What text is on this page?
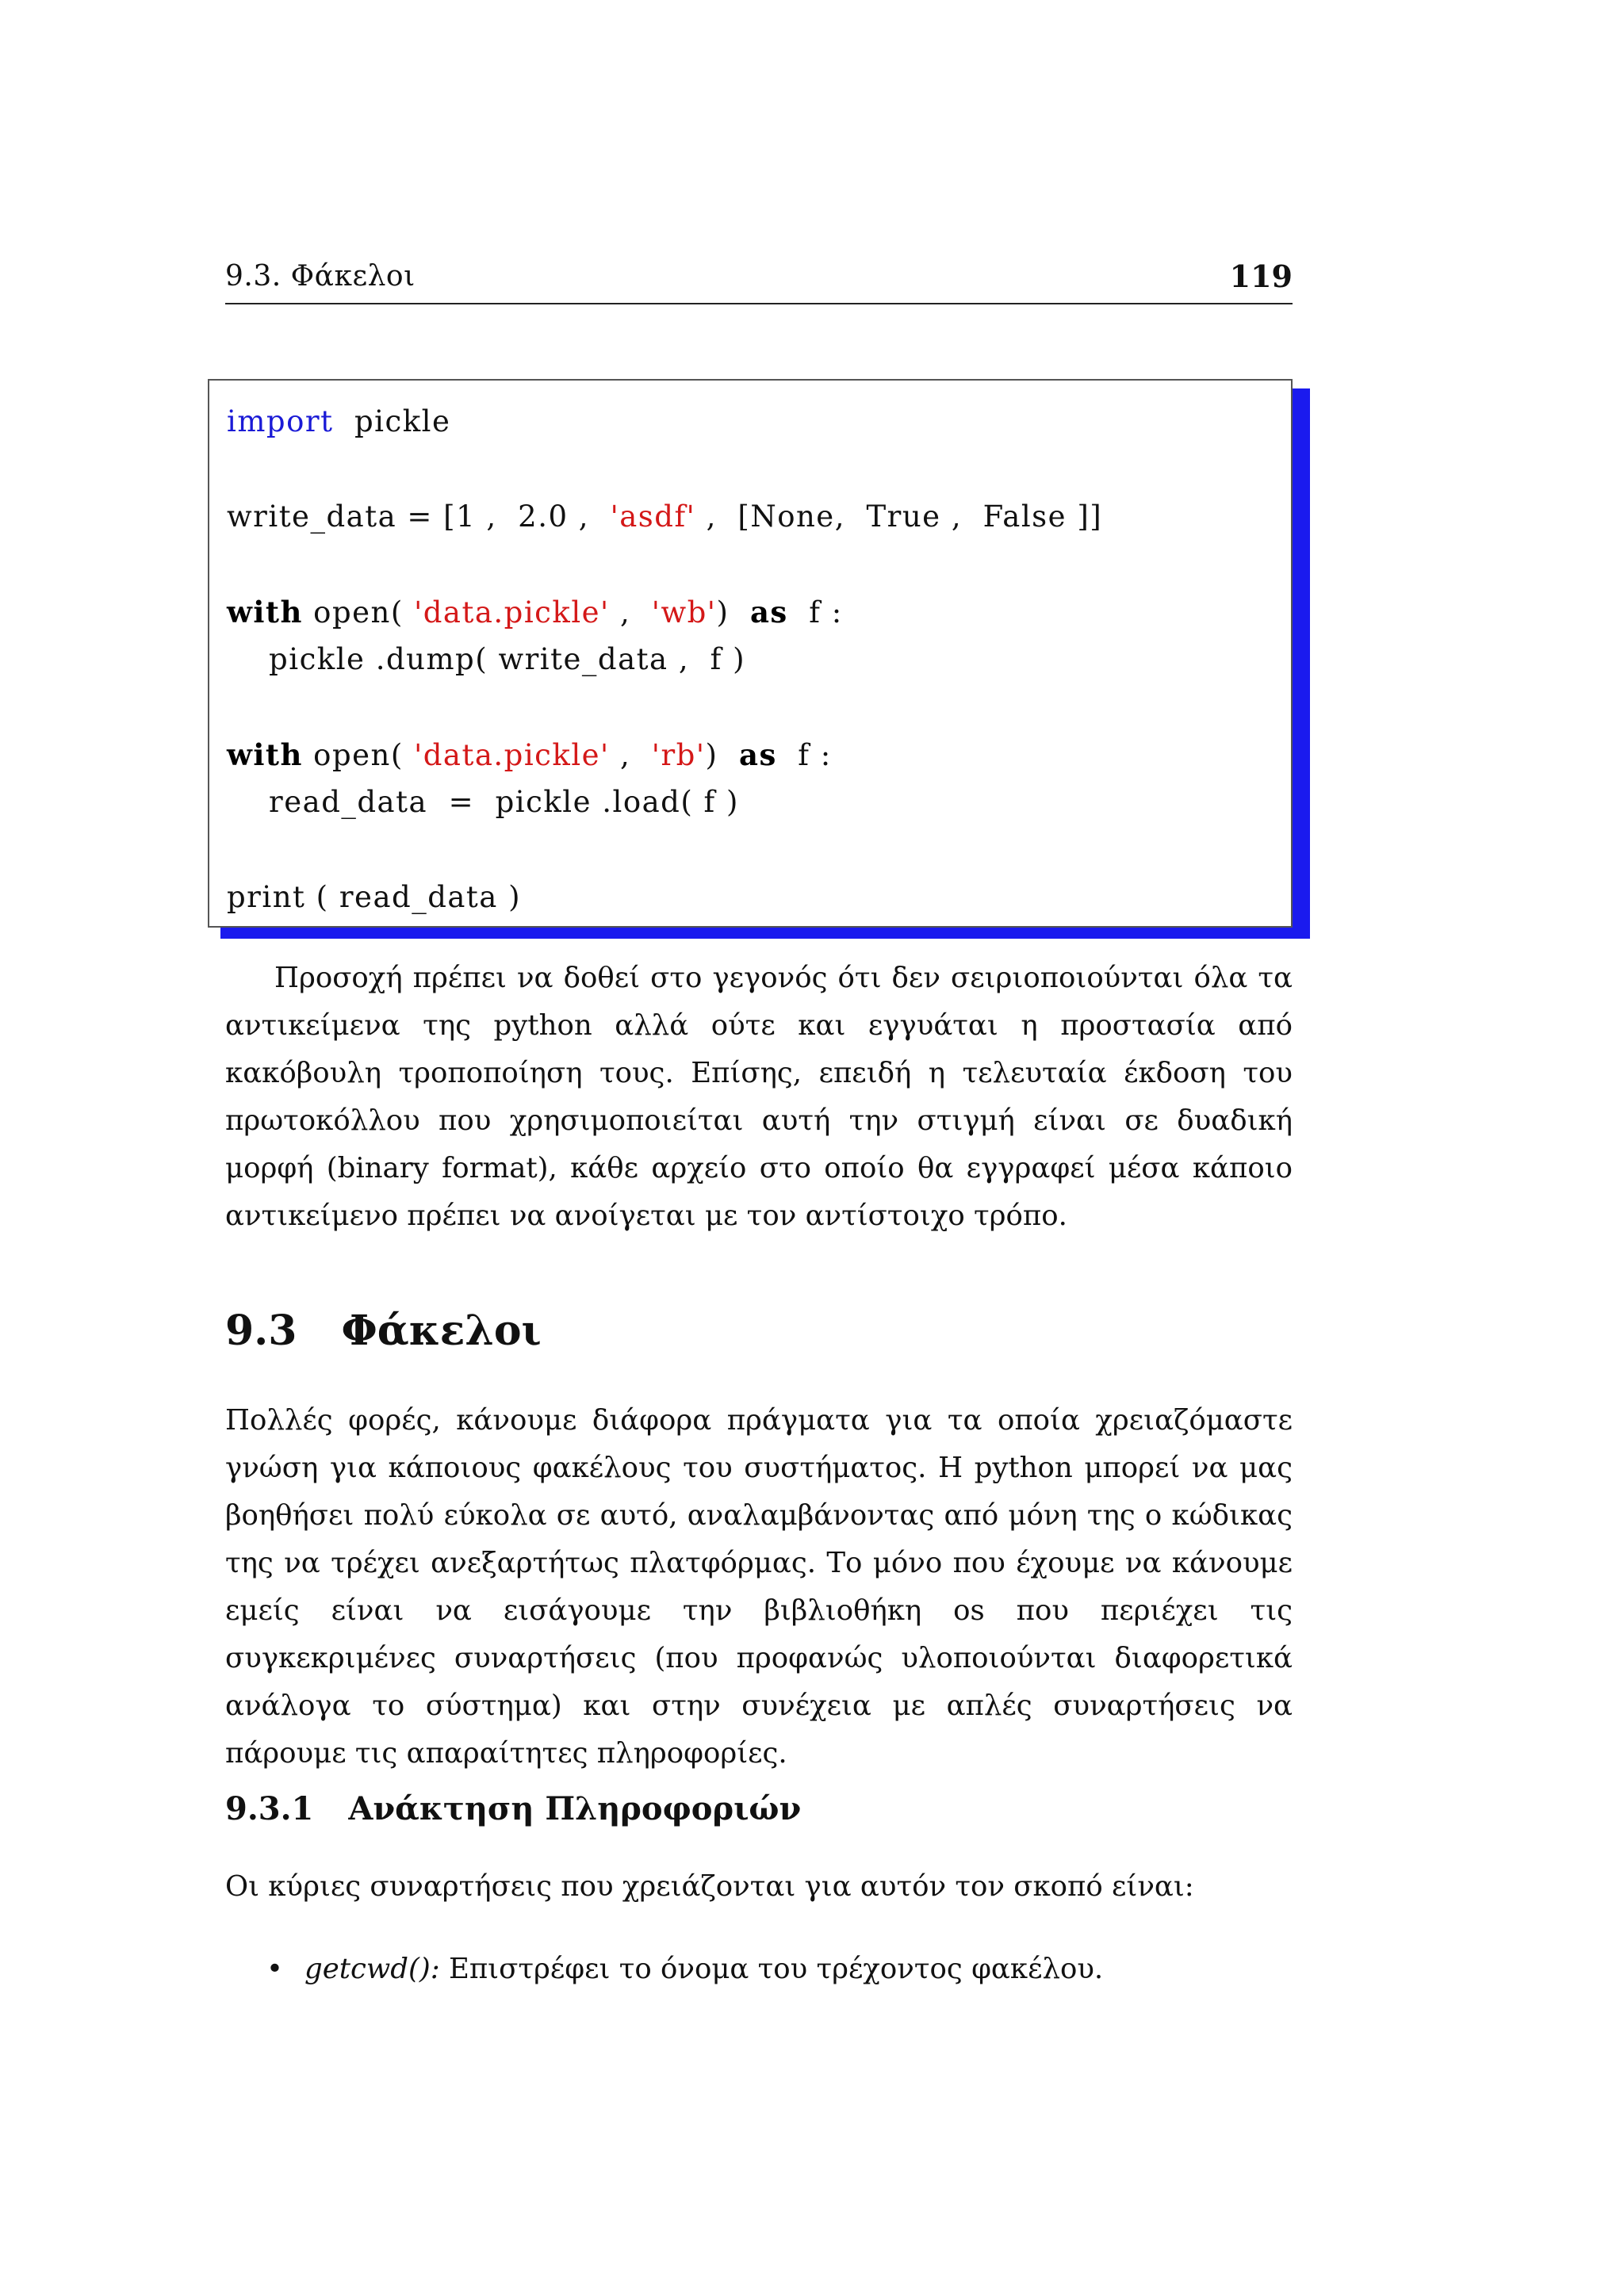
9.3. Φάκελοι	119

import  pickle

write_data = [1 ,  2.0 ,  'asdf' ,  [None,  True ,  False ]]

with open( 'data.pickle' ,  'wb')  as  f :

pickle .dump( write_data ,  f )

with open( 'data.pickle' ,  'rb')  as  f :

read_data  =  pickle .load( f )

print ( read_data )

Προσοχή πρέπει να δοθεί στο γεγονός ότι δεν σειριοποιούνται όλα τα αντικείμενα της python αλλά ούτε και εγγυάται η προστασία από κακόβουλη τροποποίηση τους. Επίσης, επειδή η τελευταία έκδοση του πρωτοκόλλου που χρησιμοποιείται αυτή την στιγμή είναι σε δυαδική μορφή (binary format), κάθε αρχείο στο οποίο θα εγγραφεί μέσα κάποιο αντικείμενο πρέπει να ανοίγεται με τον αντίστοιχο τρόπο.

9.3 Φάκελοι

Πολλές φορές, κάνουμε διάφορα πράγματα για τα οποία χρειαζόμαστε γνώση για κάποιους φακέλους του συστήματος. Η python μπορεί να μας βοηθήσει πολύ εύκολα σε αυτό, αναλαμβάνοντας από μόνη της ο κώδικας της να τρέχει ανεξαρτήτως πλατφόρμας. Το μόνο που έχουμε να κάνουμε εμείς είναι να εισάγουμε την βιβλιοθήκη os που περιέχει τις συγκεκριμένες συναρτήσεις (που προφανώς υλοποιούνται διαφορετικά ανάλογα το σύστημα) και στην συνέχεια με απλές συναρτήσεις να πάρουμε τις απαραίτητες πληροφορίες.

9.3.1 Ανάκτηση Πληροφοριών

Οι κύριες συναρτήσεις που χρειάζονται για αυτόν τον σκοπό είναι:

• getcwd(): Επιστρέφει το όνομα του τρέχοντος φακέλου.
